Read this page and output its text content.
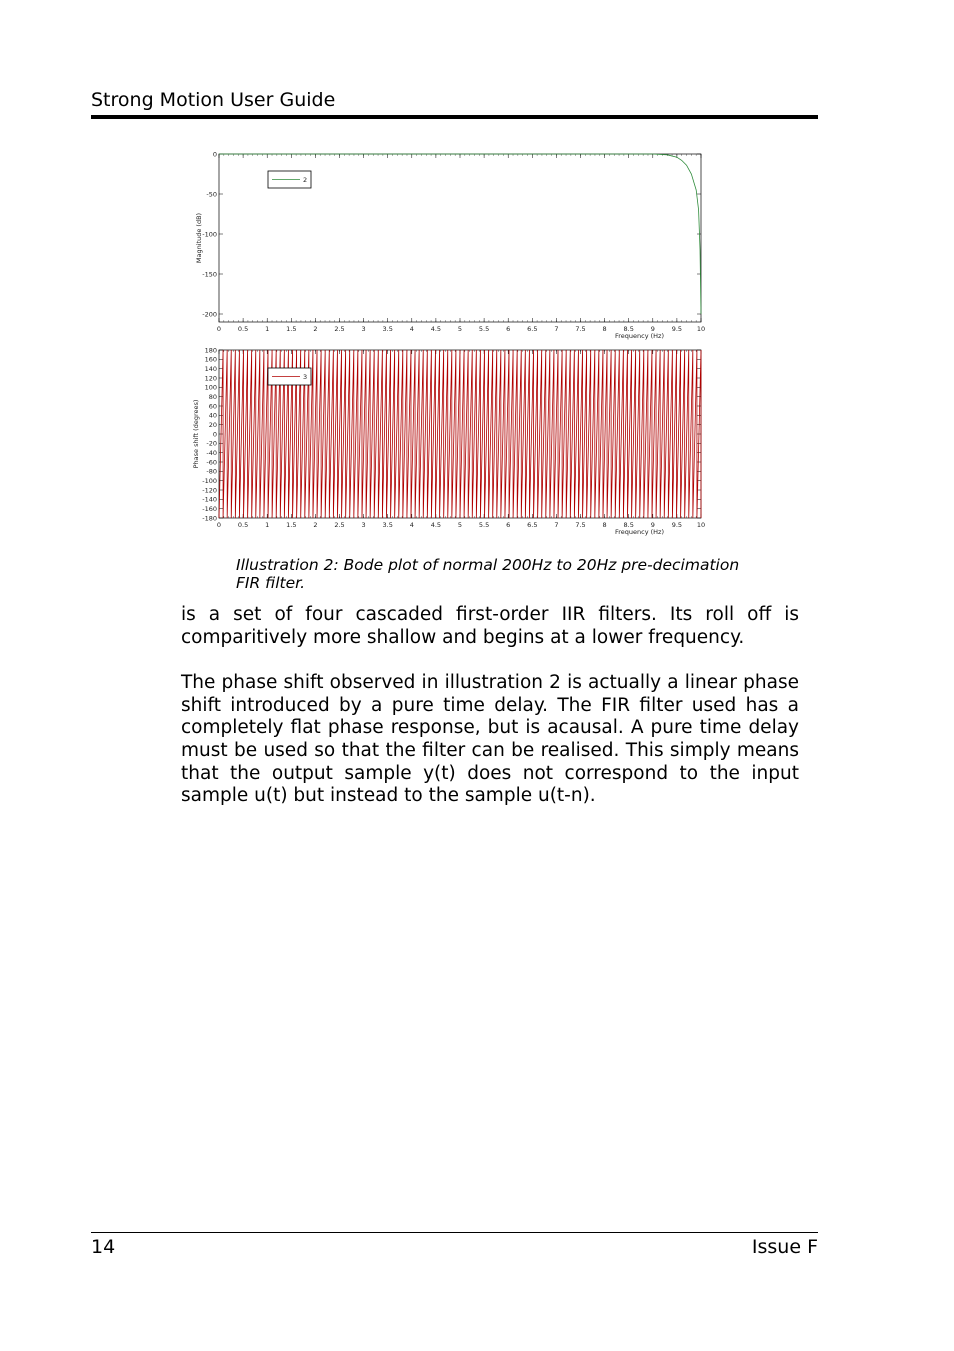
Strong Motion User Guide
0	0.5	1	1.5	2	2.5	3	3.5	4	4.5	5	5.5	6	6.5	7	7.5	8	8.5	9	9.5 10
0
-50
-100
-150
-200
2
Frequency (Hz)
Magnitude (dB)
0	0.5	1	1.5	2	2.5	3	3.5	4	4.5	5	5.5	6	6.5	7	7.5	8	8.5	9	9.5 10
180
160
140
120
100
80
60
40
20
0
-20
-40
-60
-80
-100
-120
-140
-160
-180
3
Frequency (Hz)
Phase shift (degrees)
Illustration 2: Bode plot of normal 200Hz to 20Hz pre-decimation
FIR filter.

is a set of four cascaded first-order IIR filters. Its roll off is comparitively more shallow and begins at a lower frequency.

The phase shift observed in illustration 2 is actually a linear phase shift introduced by a pure time delay. The FIR filter used has a completely flat phase response, but is acausal. A pure time delay must be used so that the filter can be realised. This simply means that the output sample y(t) does not correspond to the input sample u(t) but instead to the sample u(t-n).

14	Issue F
